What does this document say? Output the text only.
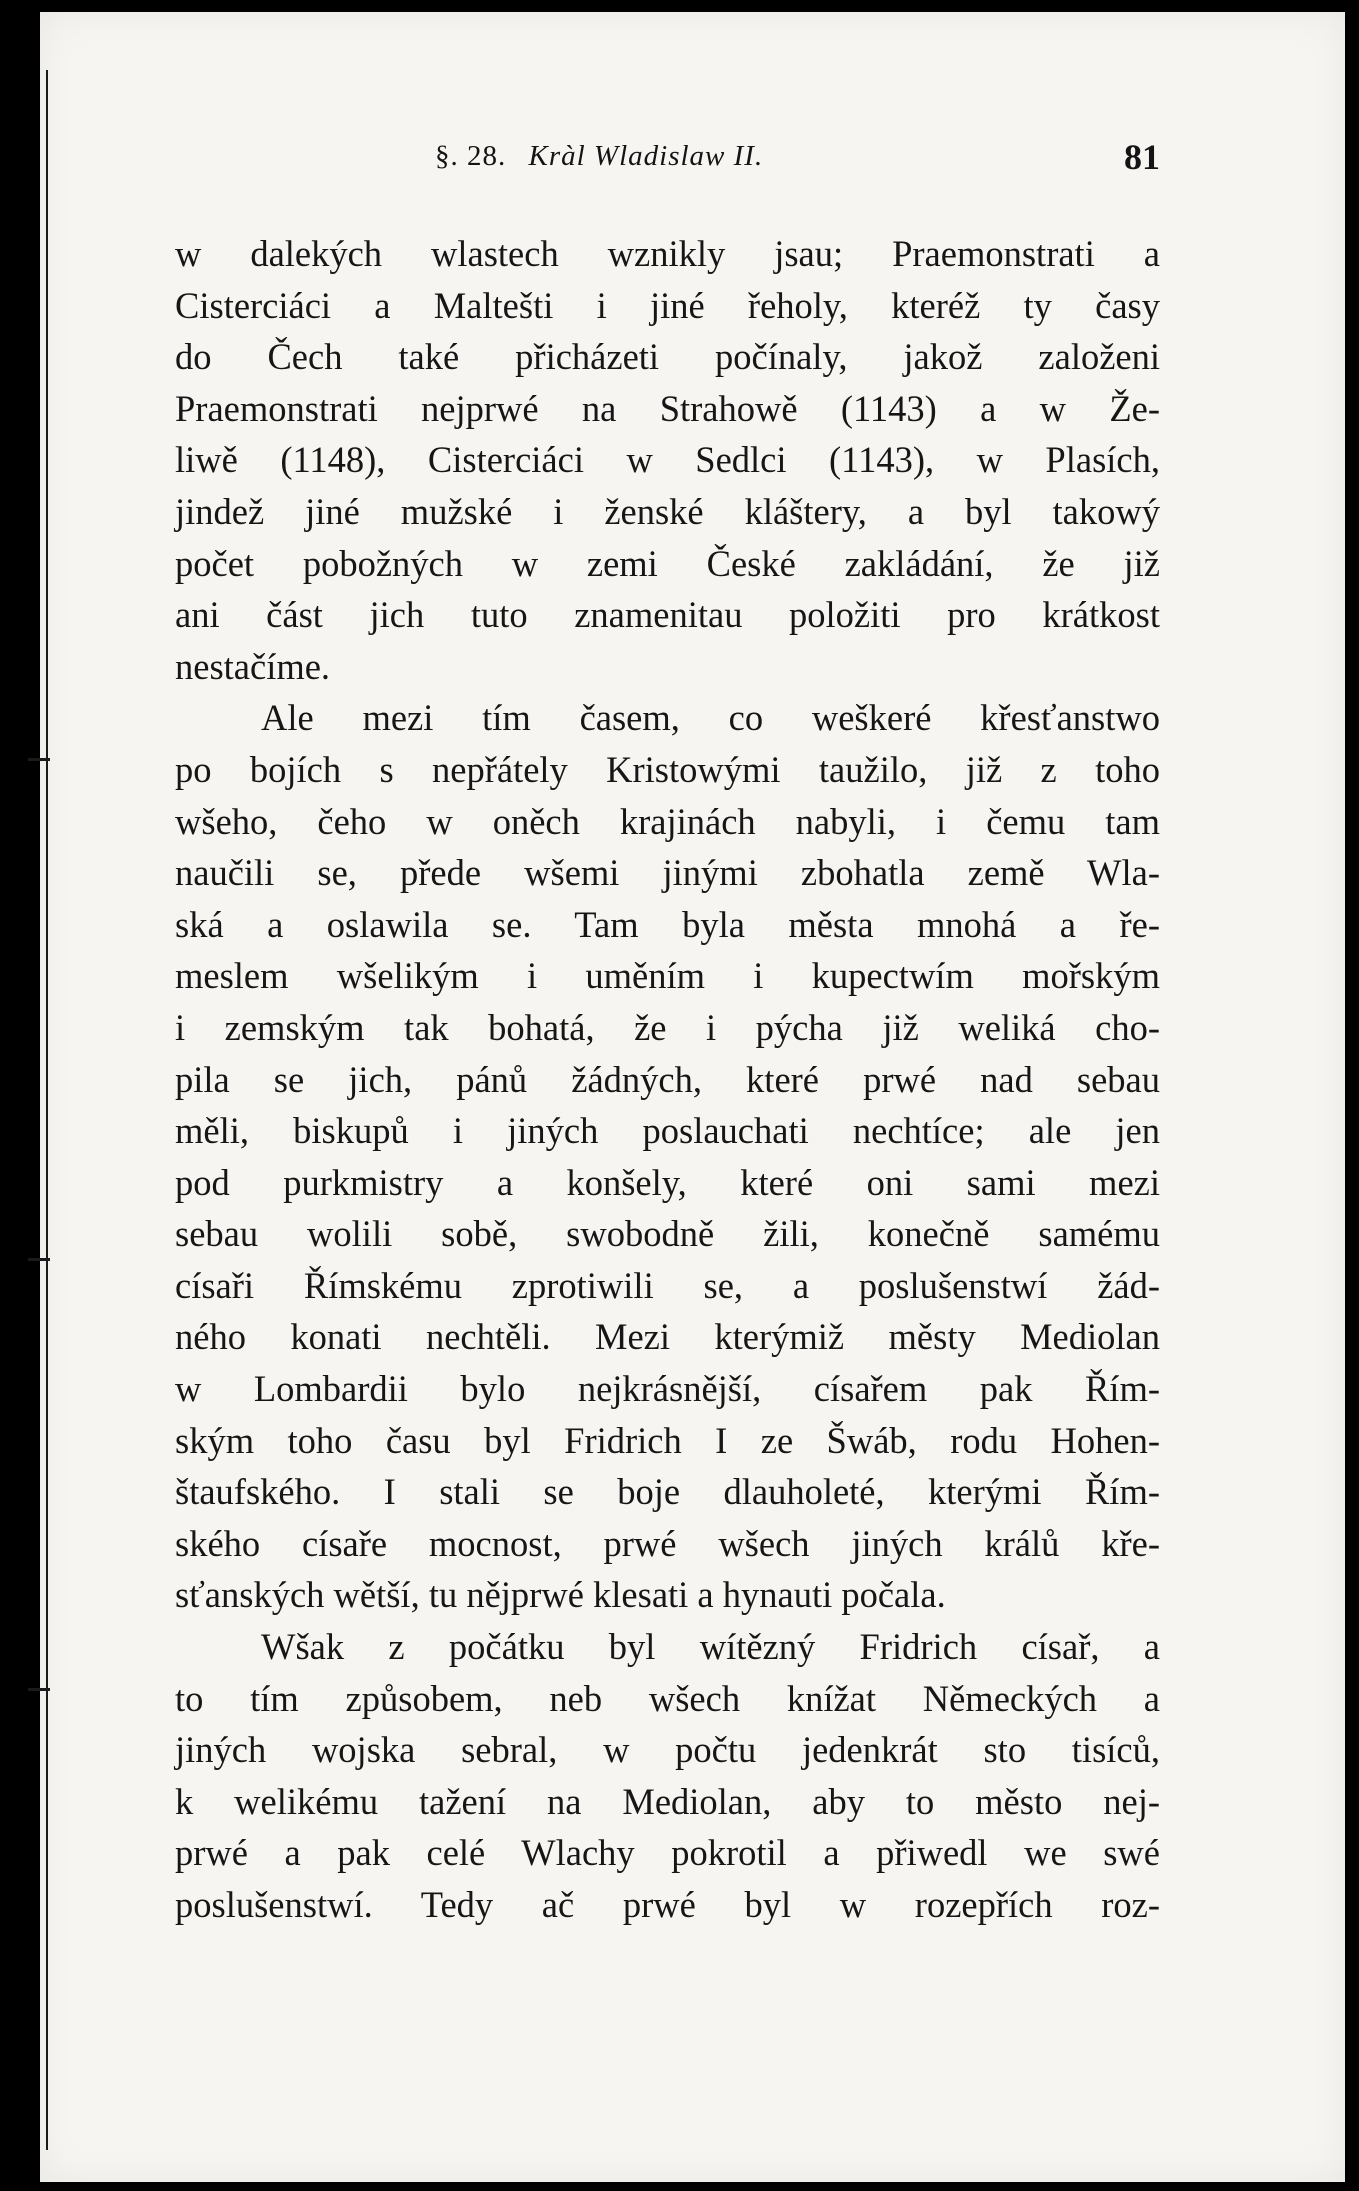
§. 28. Kràl Wladislaw II.	81
w dalekých wlastech wznikly jsau; Praemonstrati a
Cisterciáci a Maltešti i jiné řeholy, kteréž ty časy
do Čech také přicházeti počínaly, jakož založeni
Praemonstrati nejprwé na Strahowě (1143) a w Že-
liwě (1148), Cisterciáci w Sedlci (1143), w Plasích,
jindež jiné mužské i ženské kláštery, a byl takowý
počet pobožných w zemi České zakládání, že již
ani část jich tuto znamenitau položiti pro krátkost
nestačíme.
Ale mezi tím časem, co weškeré křesťanstwo
po bojích s nepřátely Kristowými taužilo, již z toho
wšeho, čeho w oněch krajinách nabyli, i čemu tam
naučili se, přede wšemi jinými zbohatla země Wla-
ská a oslawila se. Tam byla města mnohá a ře-
meslem wšelikým i uměním i kupectwím mořským
i zemským tak bohatá, že i pýcha již weliká cho-
pila se jich, pánů žádných, které prwé nad sebau
měli, biskupů i jiných poslauchati nechtíce; ale jen
pod purkmistry a konšely, které oni sami mezi
sebau wolili sobě, swobodně žili, konečně samému
císaři Římskému zprotiwili se, a poslušenstwí žád-
ného konati nechtěli. Mezi kterýmiž městy Mediolan
w Lombardii bylo nejkrásnější, císařem pak Řím-
ským toho času byl Fridrich I ze Šwáb, rodu Hohen-
štaufského. I stali se boje dlauholeté, kterými Řím-
ského císaře mocnost, prwé wšech jiných králů kře-
sťanských wětší, tu nějprwé klesati a hynauti počala.
Wšak z počátku byl wítězný Fridrich císař, a
to tím způsobem, neb wšech knížat Německých a
jiných wojska sebral, w počtu jedenkrát sto tisíců,
k welikému tažení na Mediolan, aby to město nej-
prwé a pak celé Wlachy pokrotil a přiwedl we swé
poslušenstwí. Tedy ač prwé byl w rozepřích roz-
